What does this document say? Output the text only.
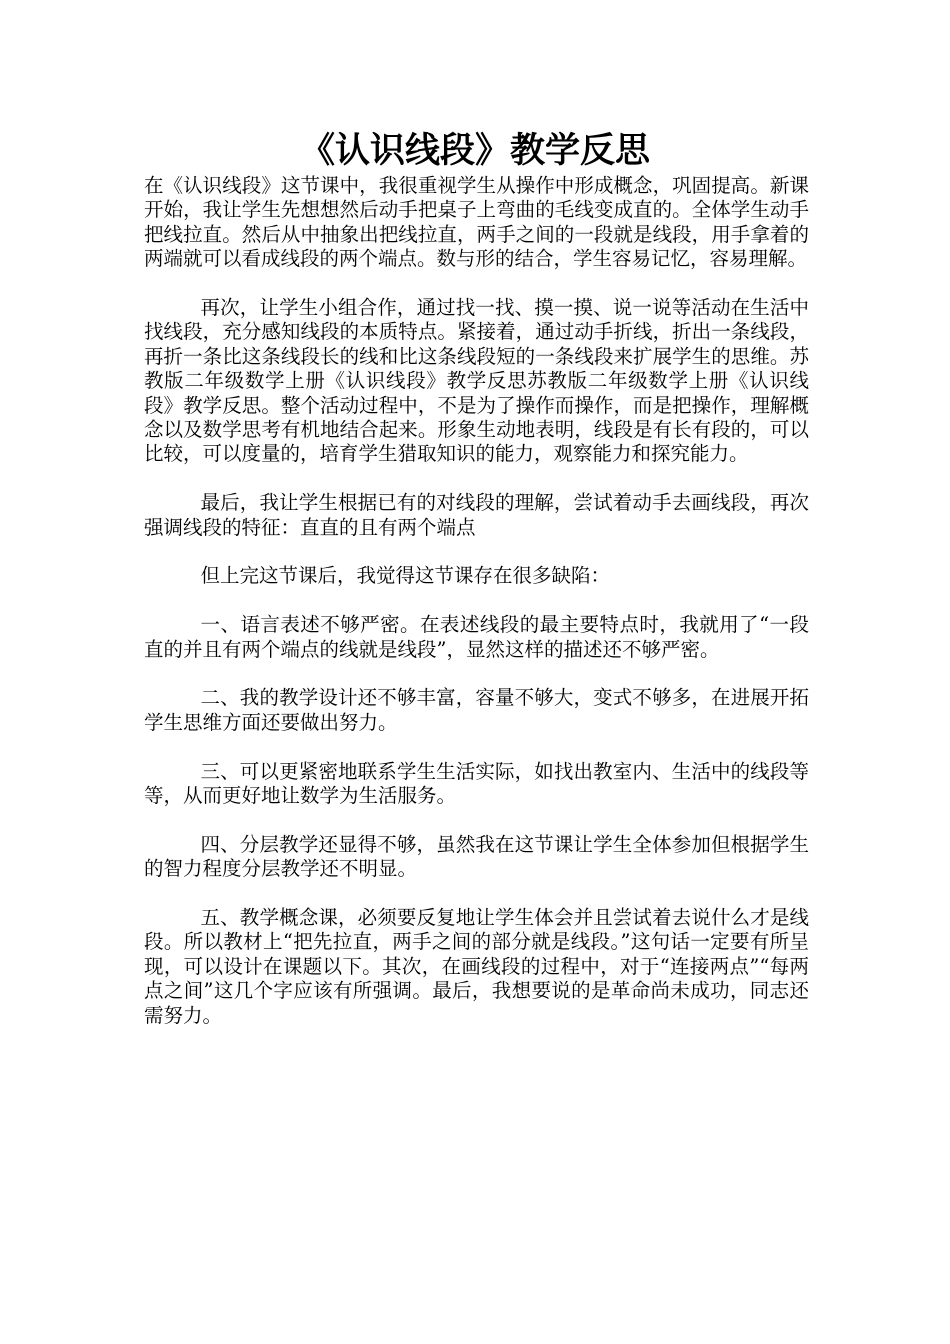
《认识线段》教学反思

在《认识线段》这节课中，我很重视学生从操作中形成概念，巩固提高。新课开始，我让学生先想想然后动手把桌子上弯曲的毛线变成直的。全体学生动手把线拉直。然后从中抽象出把线拉直，两手之间的一段就是线段，用手拿着的两端就可以看成线段的两个端点。数与形的结合，学生容易记忆，容易理解。

再次，让学生小组合作，通过找一找、摸一摸、说一说等活动在生活中找线段，充分感知线段的本质特点。紧接着，通过动手折线，折出一条线段，再折一条比这条线段长的线和比这条线段短的一条线段来扩展学生的思维。苏教版二年级数学上册《认识线段》教学反思苏教版二年级数学上册《认识线段》教学反思。整个活动过程中，不是为了操作而操作，而是把操作，理解概念以及数学思考有机地结合起来。形象生动地表明，线段是有长有段的，可以比较，可以度量的，培育学生猎取知识的能力，观察能力和探究能力。

最后，我让学生根据已有的对线段的理解，尝试着动手去画线段，再次强调线段的特征：直直的且有两个端点

但上完这节课后，我觉得这节课存在很多缺陷：

一、语言表述不够严密。在表述线段的最主要特点时，我就用了“一段直的并且有两个端点的线就是线段”，显然这样的描述还不够严密。

二、我的教学设计还不够丰富，容量不够大，变式不够多，在进展开拓学生思维方面还要做出努力。

三、可以更紧密地联系学生生活实际，如找出教室内、生活中的线段等等，从而更好地让数学为生活服务。

四、分层教学还显得不够，虽然我在这节课让学生全体参加但根据学生的智力程度分层教学还不明显。

五、教学概念课，必须要反复地让学生体会并且尝试着去说什么才是线段。所以教材上“把先拉直，两手之间的部分就是线段。”这句话一定要有所呈现，可以设计在课题以下。其次，在画线段的过程中，对于“连接两点”“每两点之间”这几个字应该有所强调。最后，我想要说的是革命尚未成功，同志还需努力。
